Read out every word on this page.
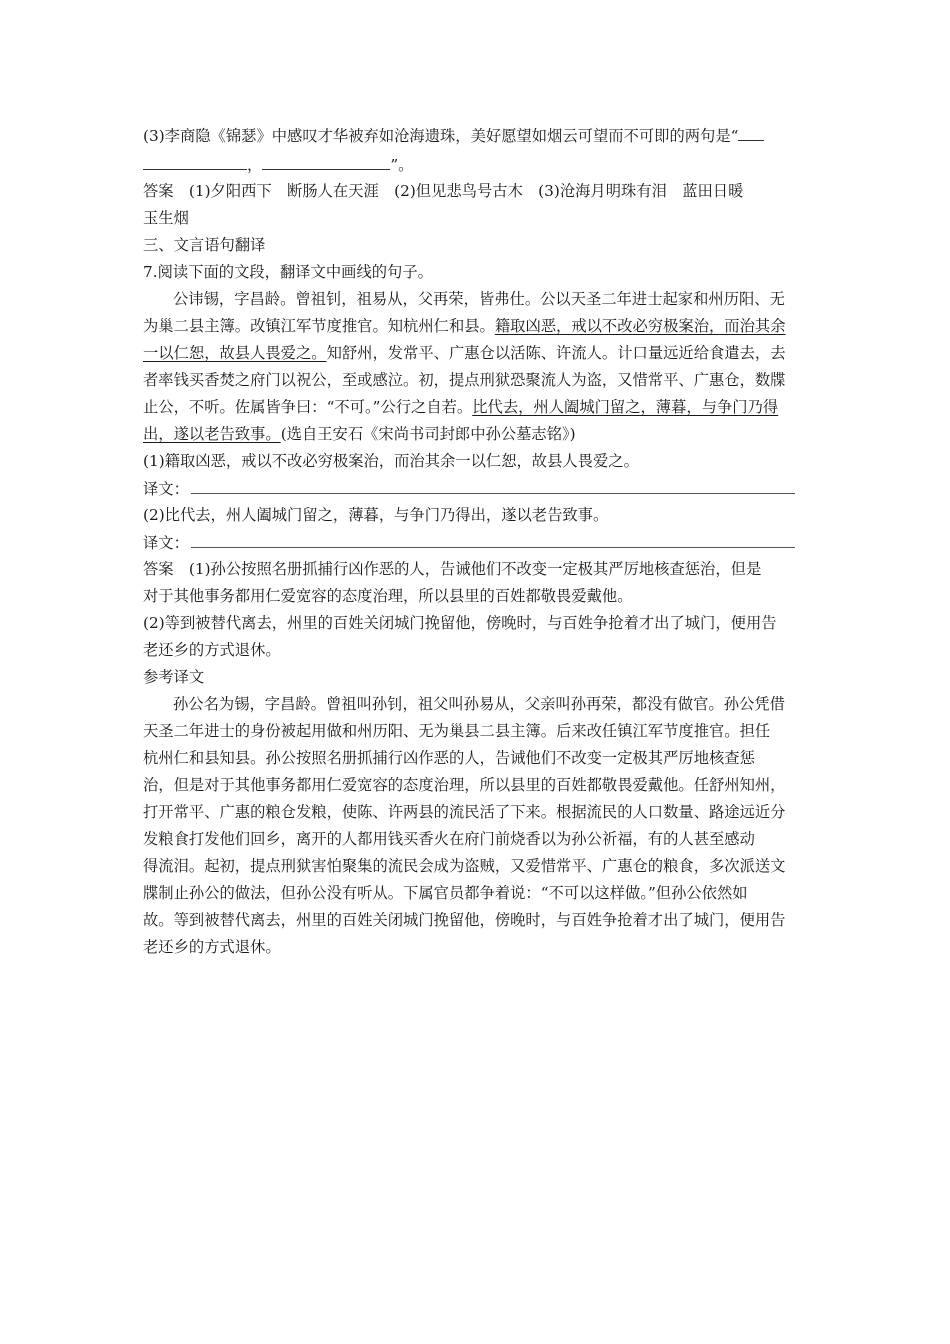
(3)李商隐《锦瑟》中感叹才华被弃如沧海遗珠，美好愿望如烟云可望而不可即的两句是“
，	”。
答案　(1)夕阳西下　断肠人在天涯　(2)但见悲鸟号古木　(3)沧海月明珠有泪　蓝田日暖
玉生烟
三、文言语句翻译
7.阅读下面的文段，翻译文中画线的句子。
公讳锡，字昌龄。曾祖钊，祖易从，父再荣，皆弗仕。公以天圣二年进士起家和州历阳、无
为巢二县主簿。改镇江军节度推官。知杭州仁和县。籍取凶恶，戒以不改必穷极案治，而治其余
一以仁恕，故县人畏爱之。知舒州，发常平、广惠仓以活陈、许流人。计口量远近给食遣去，去
者率钱买香焚之府门以祝公，至或感泣。初，提点刑狱恐聚流人为盗，又惜常平、广惠仓，数牒
止公，不听。佐属皆争曰：“不可。”公行之自若。比代去，州人阖城门留之，薄暮，与争门乃得
出，遂以老告致事。(选自王安石《宋尚书司封郎中孙公墓志铭》)
(1)籍取凶恶，戒以不改必穷极案治，而治其余一以仁恕，故县人畏爱之。
译文：
(2)比代去，州人阖城门留之，薄暮，与争门乃得出，遂以老告致事。
译文：
答案　(1)孙公按照名册抓捕行凶作恶的人，告诫他们不改变一定极其严厉地核查惩治，但是
对于其他事务都用仁爱宽容的态度治理，所以县里的百姓都敬畏爱戴他。
(2)等到被替代离去，州里的百姓关闭城门挽留他，傍晚时，与百姓争抢着才出了城门，便用告
老还乡的方式退休。
参考译文
孙公名为锡，字昌龄。曾祖叫孙钊，祖父叫孙易从，父亲叫孙再荣，都没有做官。孙公凭借
天圣二年进士的身份被起用做和州历阳、无为巢县二县主簿。后来改任镇江军节度推官。担任
杭州仁和县知县。孙公按照名册抓捕行凶作恶的人，告诫他们不改变一定极其严厉地核查惩
治，但是对于其他事务都用仁爱宽容的态度治理，所以县里的百姓都敬畏爱戴他。任舒州知州，
打开常平、广惠的粮仓发粮，使陈、许两县的流民活了下来。根据流民的人口数量、路途远近分
发粮食打发他们回乡，离开的人都用钱买香火在府门前烧香以为孙公祈福，有的人甚至感动
得流泪。起初，提点刑狱害怕聚集的流民会成为盗贼，又爱惜常平、广惠仓的粮食，多次派送文
牒制止孙公的做法，但孙公没有听从。下属官员都争着说：“不可以这样做。”但孙公依然如
故。等到被替代离去，州里的百姓关闭城门挽留他，傍晚时，与百姓争抢着才出了城门，便用告
老还乡的方式退休。
